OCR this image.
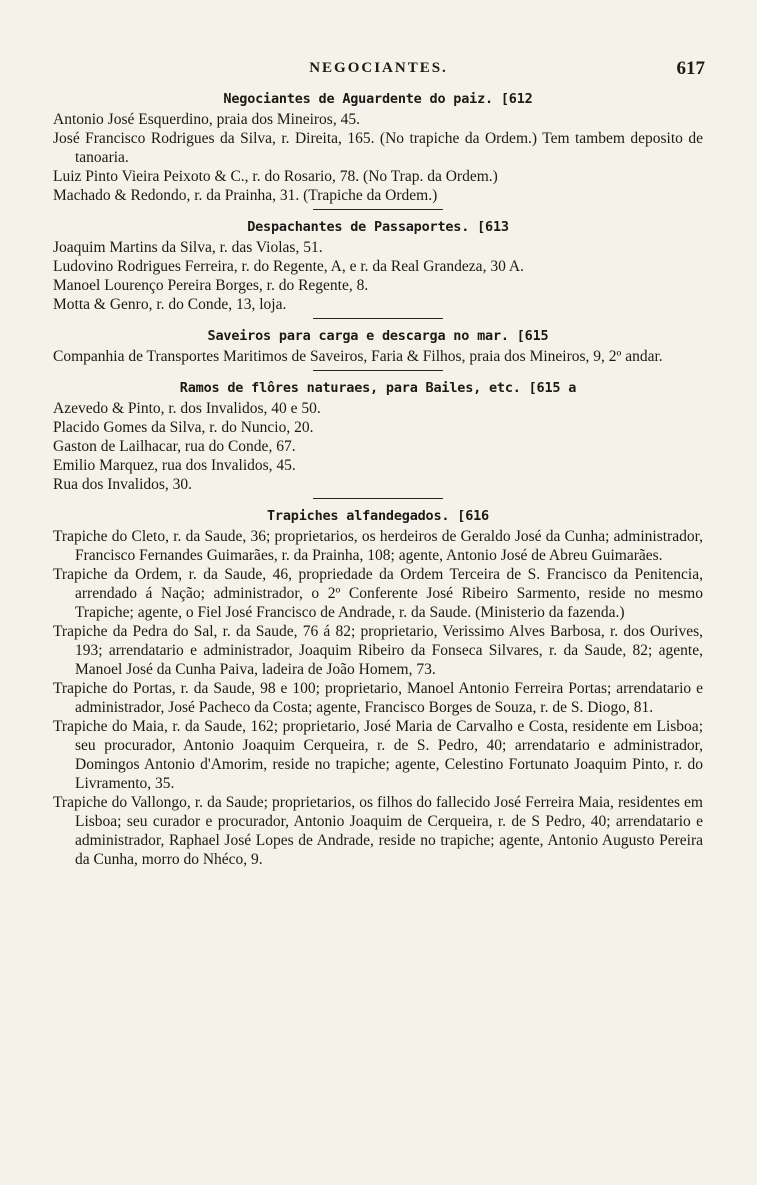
NEGOCIANTES.	617
Negociantes de Aguardente do paiz. [612

Antonio José Esquerdino, praia dos Mineiros, 45.

José Francisco Rodrigues da Silva, r. Direita, 165. (No trapiche da Ordem.) Tem tambem deposito de tanoaria.

Luiz Pinto Vieira Peixoto & C., r. do Rosario, 78. (No Trap. da Ordem.)

Machado & Redondo, r. da Prainha, 31. (Trapiche da Ordem.)

Despachantes de Passaportes. [613

Joaquim Martins da Silva, r. das Violas, 51.

Ludovino Rodrigues Ferreira, r. do Regente, A, e r. da Real Grandeza, 30 A.

Manoel Lourenço Pereira Borges, r. do Regente, 8.

Motta & Genro, r. do Conde, 13, loja.

Saveiros para carga e descarga no mar. [615

Companhia de Transportes Maritimos de Saveiros, Faria & Filhos, praia dos Mineiros, 9, 2º andar.

Ramos de flôres naturaes, para Bailes, etc. [615 a

Azevedo & Pinto, r. dos Invalidos, 40 e 50.

Placido Gomes da Silva, r. do Nuncio, 20.

Gaston de Lailhacar, rua do Conde, 67.

Emilio Marquez, rua dos Invalidos, 45.

Rua dos Invalidos, 30.

Trapiches alfandegados. [616

Trapiche do Cleto, r. da Saude, 36; proprietarios, os herdeiros de Geraldo José da Cunha; administrador, Francisco Fernandes Guimarães, r. da Prainha, 108; agente, Antonio José de Abreu Guimarães.

Trapiche da Ordem, r. da Saude, 46, propriedade da Ordem Terceira de S. Francisco da Penitencia, arrendado á Nação; administrador, o 2º Conferente José Ribeiro Sarmento, reside no mesmo Trapiche; agente, o Fiel José Francisco de Andrade, r. da Saude. (Ministerio da fazenda.)

Trapiche da Pedra do Sal, r. da Saude, 76 á 82; proprietario, Verissimo Alves Barbosa, r. dos Ourives, 193; arrendatario e administrador, Joaquim Ribeiro da Fonseca Silvares, r. da Saude, 82; agente, Manoel José da Cunha Paiva, ladeira de João Homem, 73.

Trapiche do Portas, r. da Saude, 98 e 100; proprietario, Manoel Antonio Ferreira Portas; arrendatario e administrador, José Pacheco da Costa; agente, Francisco Borges de Souza, r. de S. Diogo, 81.

Trapiche do Maia, r. da Saude, 162; proprietario, José Maria de Carvalho e Costa, residente em Lisboa; seu procurador, Antonio Joaquim Cerqueira, r. de S. Pedro, 40; arrendatario e administrador, Domingos Antonio d'Amorim, reside no trapiche; agente, Celestino Fortunato Joaquim Pinto, r. do Livramento, 35.

Trapiche do Vallongo, r. da Saude; proprietarios, os filhos do fallecido José Ferreira Maia, residentes em Lisboa; seu curador e procurador, Antonio Joaquim de Cerqueira, r. de S Pedro, 40; arrendatario e administrador, Raphael José Lopes de Andrade, reside no trapiche; agente, Antonio Augusto Pereira da Cunha, morro do Nhéco, 9.
